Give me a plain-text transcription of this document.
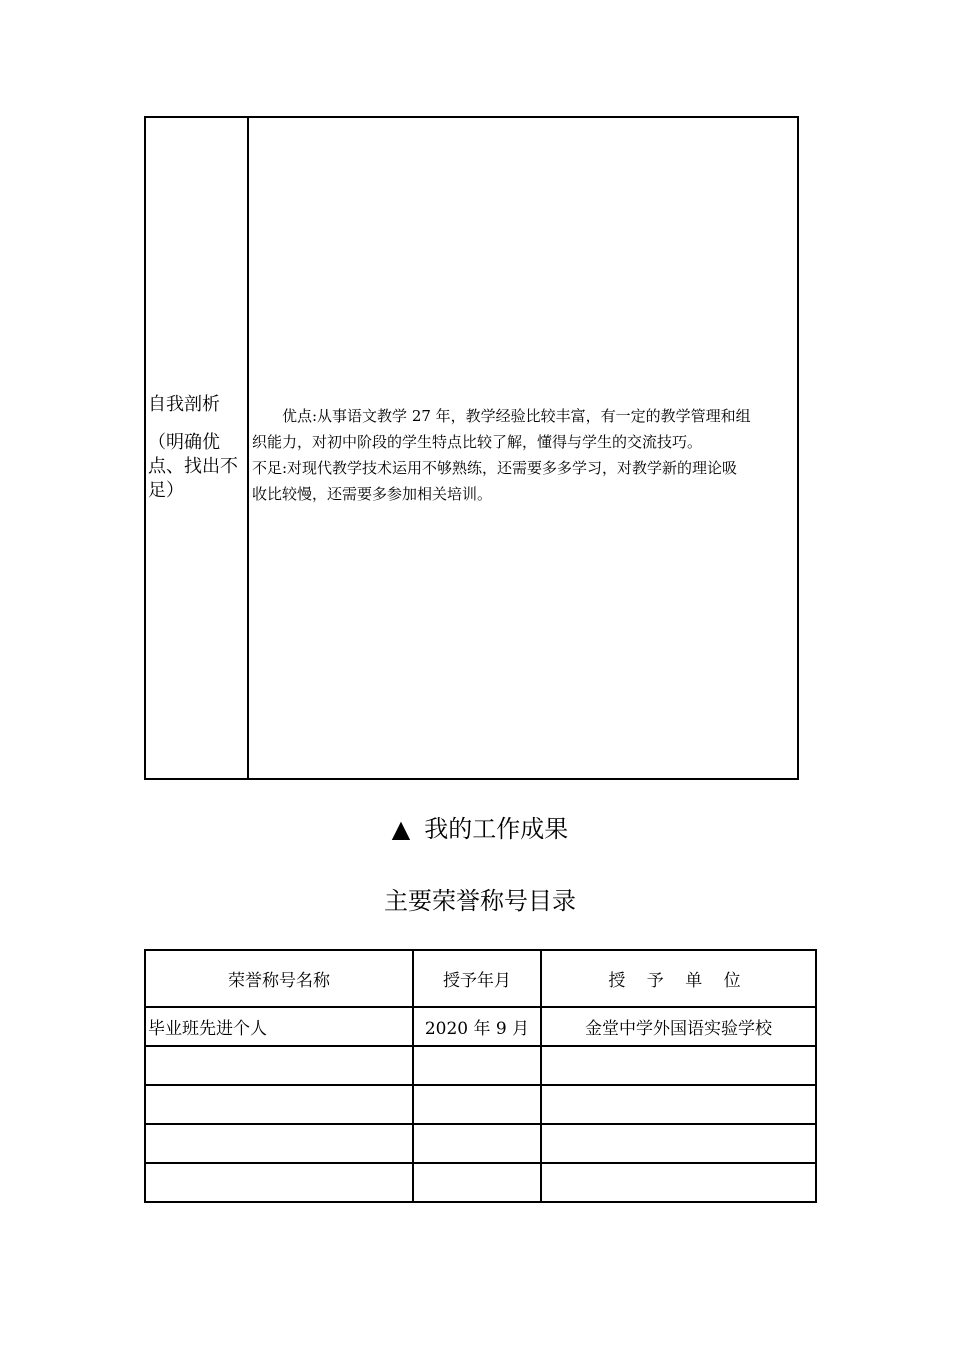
自我剖析
（明确优
点、找出不
足）

　　优点:从事语文教学 27 年，教学经验比较丰富，有一定的教学管理和组
织能力，对初中阶段的学生特点比较了解，懂得与学生的交流技巧。

不足:对现代教学技术运用不够熟练，还需要多多学习，对教学新的理论吸
收比较慢，还需要多参加相关培训。

▲ 我的工作成果
主要荣誉称号目录
荣誉称号名称	授予年月	授 予 单 位
毕业班先进个人	2020 年 9 月	金堂中学外国语实验学校
